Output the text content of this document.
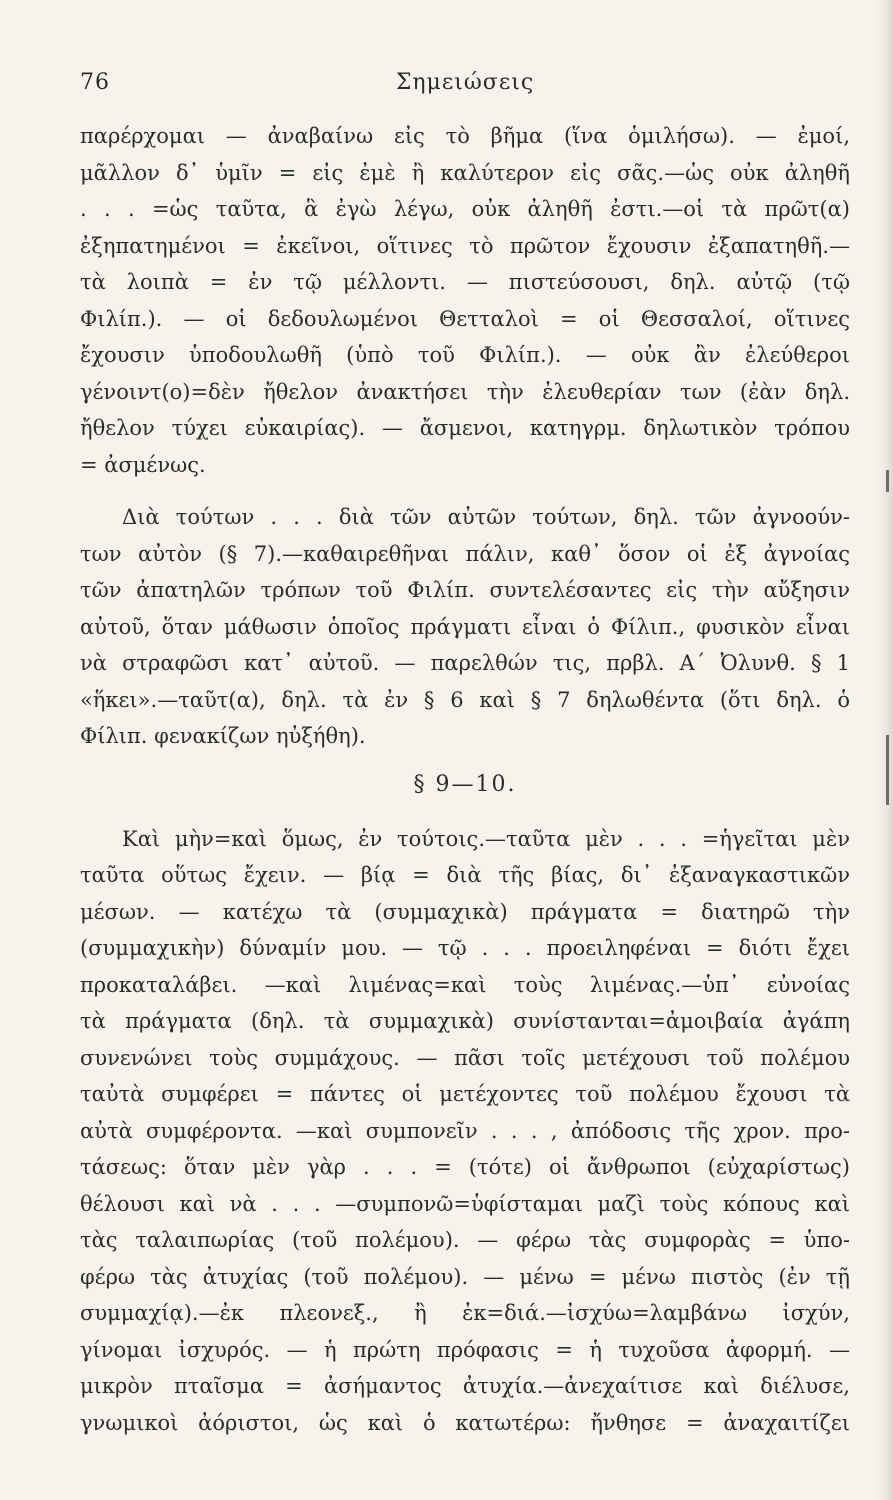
76	Σημειώσεις
παρέρχομαι — ἀναβαίνω εἰς τὸ βῆμα (ἵνα ὁμιλήσω). — ἐμοί,
μᾶλλον δ᾽ ὑμῖν = εἰς ἐμὲ ἢ καλύτερον εἰς σᾶς.—ὡς οὐκ ἀληθῆ
. . . =ὡς ταῦτα, ἃ ἐγὼ λέγω, οὐκ ἀληθῆ ἐστι.—οἱ τὰ πρῶτ(α)
ἐξηπατημένοι = ἐκεῖνοι, οἵτινες τὸ πρῶτον ἔχουσιν ἐξαπατηθῆ.—
τὰ λοιπὰ = ἐν τῷ μέλλοντι. — πιστεύσουσι, δηλ. αὐτῷ (τῷ
Φιλίπ.). — οἱ δεδουλωμένοι Θετταλοὶ = οἱ Θεσσαλοί, οἵτινες
ἔχουσιν ὑποδουλωθῆ (ὑπὸ τοῦ Φιλίπ.). — οὐκ ἂν ἐλεύθεροι
γένοιντ(ο)=δὲν ἤθελον ἀνακτήσει τὴν ἐλευθερίαν των (ἐὰν δηλ.
ἤθελον τύχει εὐκαιρίας). — ἄσμενοι, κατηγρμ. δηλωτικὸν τρόπου
= ἀσμένως.
Διὰ τούτων . . . διὰ τῶν αὐτῶν τούτων, δηλ. τῶν ἀγνοούν-
των αὐτὸν (§ 7).—καθαιρεθῆναι πάλιν, καθ᾽ ὅσον οἱ ἐξ ἀγνοίας
τῶν ἀπατηλῶν τρόπων τοῦ Φιλίπ. συντελέσαντες εἰς τὴν αὔξησιν
αὐτοῦ, ὅταν μάθωσιν ὁποῖος πράγματι εἶναι ὁ Φίλιπ., φυσικὸν εἶναι
νὰ στραφῶσι κατ᾽ αὐτοῦ. — παρελθών τις, πρβλ. Α´ Ὀλυνθ. § 1
«ἥκει».—ταῦτ(α), δηλ. τὰ ἐν § 6 καὶ § 7 δηλωθέντα (ὅτι δηλ. ὁ
Φίλιπ. φενακίζων ηὐξήθη).
§ 9—10.
Καὶ μὴν=καὶ ὅμως, ἐν τούτοις.—ταῦτα μὲν . . . =ἡγεῖται μὲν
ταῦτα οὕτως ἔχειν. — βίᾳ = διὰ τῆς βίας, δι᾽ ἐξαναγκαστικῶν
μέσων. — κατέχω τὰ (συμμαχικὰ) πράγματα = διατηρῶ τὴν
(συμμαχικὴν) δύναμίν μου. — τῷ . . . προειληφέναι = διότι ἔχει
προκαταλάβει. —καὶ λιμένας=καὶ τοὺς λιμένας.—ὑπ᾽ εὐνοίας
τὰ πράγματα (δηλ. τὰ συμμαχικὰ) συνίστανται=ἀμοιβαία ἀγάπη
συνενώνει τοὺς συμμάχους. — πᾶσι τοῖς μετέχουσι τοῦ πολέμου
ταὐτὰ συμφέρει = πάντες οἱ μετέχοντες τοῦ πολέμου ἔχουσι τὰ
αὐτὰ συμφέροντα. —καὶ συμπονεῖν . . . , ἀπόδοσις τῆς χρον. προ-
τάσεως: ὅταν μὲν γὰρ . . . = (τότε) οἱ ἄνθρωποι (εὐχαρίστως)
θέλουσι καὶ νὰ . . . —συμπονῶ=ὑφίσταμαι μαζὶ τοὺς κόπους καὶ
τὰς ταλαιπωρίας (τοῦ πολέμου). — φέρω τὰς συμφορὰς = ὑπο-
φέρω τὰς ἀτυχίας (τοῦ πολέμου). — μένω = μένω πιστὸς (ἐν τῇ
συμμαχίᾳ).—ἐκ πλεονεξ., ἢ ἐκ=διά.—ἰσχύω=λαμβάνω ἰσχύν,
γίνομαι ἰσχυρός. — ἡ πρώτη πρόφασις = ἡ τυχοῦσα ἀφορμή. —
μικρὸν πταῖσμα = ἀσήμαντος ἀτυχία.—ἀνεχαίτισε καὶ διέλυσε,
γνωμικοὶ ἀόριστοι, ὡς καὶ ὁ κατωτέρω: ἤνθησε = ἀναχαιτίζει
